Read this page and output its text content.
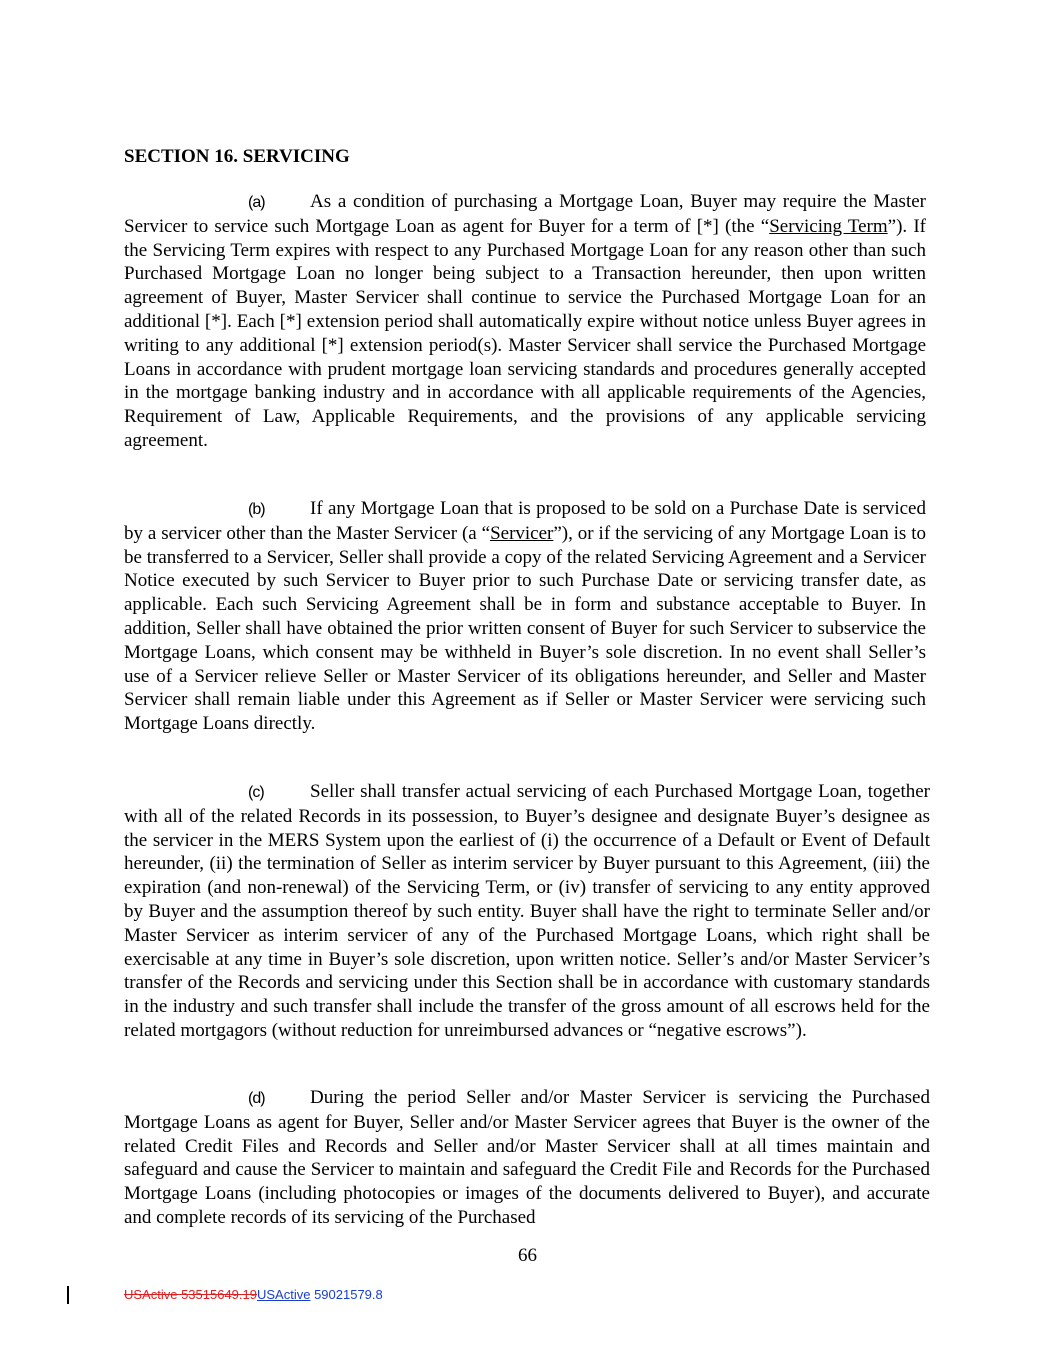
SECTION 16. SERVICING
(a) As a condition of purchasing a Mortgage Loan, Buyer may require the Master Servicer to service such Mortgage Loan as agent for Buyer for a term of [*] (the “Servicing Term”). If the Servicing Term expires with respect to any Purchased Mortgage Loan for any reason other than such Purchased Mortgage Loan no longer being subject to a Transaction hereunder, then upon written agreement of Buyer, Master Servicer shall continue to service the Purchased Mortgage Loan for an additional [*]. Each [*] extension period shall automatically expire without notice unless Buyer agrees in writing to any additional [*] extension period(s). Master Servicer shall service the Purchased Mortgage Loans in accordance with prudent mortgage loan servicing standards and procedures generally accepted in the mortgage banking industry and in accordance with all applicable requirements of the Agencies, Requirement of Law, Applicable Requirements, and the provisions of any applicable servicing agreement.
(b) If any Mortgage Loan that is proposed to be sold on a Purchase Date is serviced by a servicer other than the Master Servicer (a “Servicer”), or if the servicing of any Mortgage Loan is to be transferred to a Servicer, Seller shall provide a copy of the related Servicing Agreement and a Servicer Notice executed by such Servicer to Buyer prior to such Purchase Date or servicing transfer date, as applicable. Each such Servicing Agreement shall be in form and substance acceptable to Buyer. In addition, Seller shall have obtained the prior written consent of Buyer for such Servicer to subservice the Mortgage Loans, which consent may be withheld in Buyer’s sole discretion. In no event shall Seller’s use of a Servicer relieve Seller or Master Servicer of its obligations hereunder, and Seller and Master Servicer shall remain liable under this Agreement as if Seller or Master Servicer were servicing such Mortgage Loans directly.
(c) Seller shall transfer actual servicing of each Purchased Mortgage Loan, together with all of the related Records in its possession, to Buyer’s designee and designate Buyer’s designee as the servicer in the MERS System upon the earliest of (i) the occurrence of a Default or Event of Default hereunder, (ii) the termination of Seller as interim servicer by Buyer pursuant to this Agreement, (iii) the expiration (and non-renewal) of the Servicing Term, or (iv) transfer of servicing to any entity approved by Buyer and the assumption thereof by such entity. Buyer shall have the right to terminate Seller and/or Master Servicer as interim servicer of any of the Purchased Mortgage Loans, which right shall be exercisable at any time in Buyer’s sole discretion, upon written notice. Seller’s and/or Master Servicer’s transfer of the Records and servicing under this Section shall be in accordance with customary standards in the industry and such transfer shall include the transfer of the gross amount of all escrows held for the related mortgagors (without reduction for unreimbursed advances or “negative escrows”).
(d) During the period Seller and/or Master Servicer is servicing the Purchased Mortgage Loans as agent for Buyer, Seller and/or Master Servicer agrees that Buyer is the owner of the related Credit Files and Records and Seller and/or Master Servicer shall at all times maintain and safeguard and cause the Servicer to maintain and safeguard the Credit File and Records for the Purchased Mortgage Loans (including photocopies or images of the documents delivered to Buyer), and accurate and complete records of its servicing of the Purchased
66
USActive 53515649.19USActive 59021579.8
